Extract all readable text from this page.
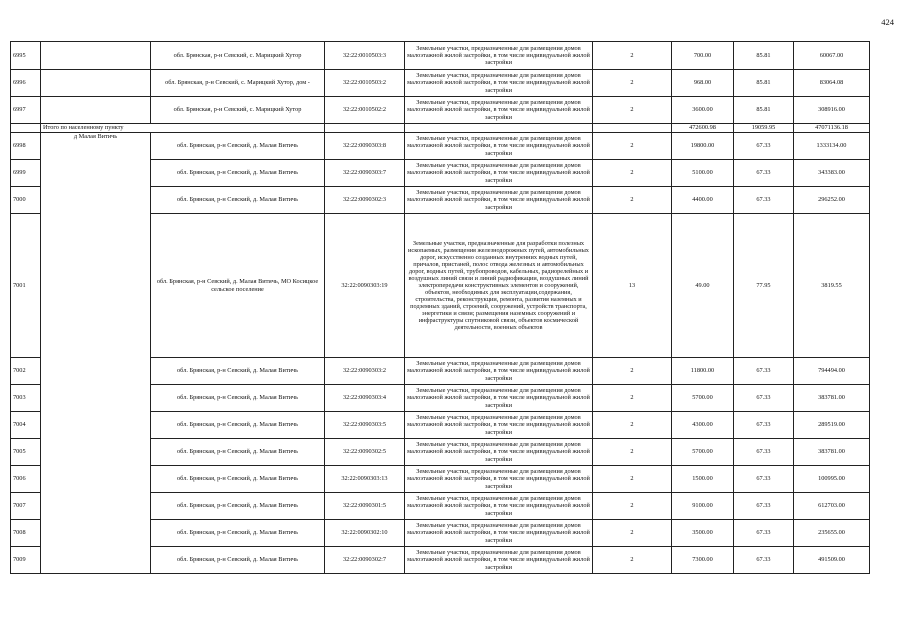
424
6995		обл. Брянская, р-н Севский, с. Марицкий Хутор	32:22:0010503:3	Земельные участки, предназначенные для размещения домов малоэтажной жилой застройки, в том числе индивидуальной жилой застройки	2	700.00	85.81	60067.00
6996		обл. Брянская, р-н Севский, с. Марицкий Хутор, дом -	32:22:0010503:2	Земельные участки, предназначенные для размещения домов малоэтажной жилой застройки, в том числе индивидуальной жилой застройки	2	968.00	85.81	83064.08
6997		обл. Брянская, р-н Севский, с. Марицкий Хутор	32:22:0010502:2	Земельные участки, предназначенные для размещения домов малоэтажной жилой застройки, в том числе индивидуальной жилой застройки	2	3600.00	85.81	308916.00
	Итого по населенному пункту					472600.98	19059.95	47071136.18
6998	д Малая Витичь	обл. Брянская, р-н Севский, д. Малая Витичь	32:22:0090303:8	Земельные участки, предназначенные для размещения домов малоэтажной жилой застройки, в том числе индивидуальной жилой застройки	2	19800.00	67.33	1333134.00
6999		обл. Брянская, р-н Севский, д. Малая Витичь	32:22:0090303:7	Земельные участки, предназначенные для размещения домов малоэтажной жилой застройки, в том числе индивидуальной жилой застройки	2	5100.00	67.33	343383.00
7000		обл. Брянская, р-н Севский, д. Малая Витичь	32:22:0090302:3	Земельные участки, предназначенные для размещения домов малоэтажной жилой застройки, в том числе индивидуальной жилой застройки	2	4400.00	67.33	296252.00
7001		обл. Брянская, р-н Севский, д. Малая Витичь, МО Косицкое сельское поселение	32:22:0090303:19	Земельные участки, предназначенные для разработки полезных ископаемых, размещения железнодорожных путей, автомобильных дорог, искусственно созданных внутренних водных путей, причалов, пристаней, полос отвода железных и автомобильных дорог, водных путей, трубопроводов, кабельных, радиорелейных и воздушных линий связи и линий радиофикации, воздушных линий электропередачи конструктивных элементов и сооружений, объектов, необходимых для эксплуатации,содержания, строительства, реконструкции, ремонта, развития наземных и подземных зданий, строений, сооружений, устройств транспорта, энергетики и связи; размещения наземных сооружений и инфраструктуры спутниковой связи, объектов космической деятельности, военных объектов	13	49.00	77.95	3819.55
7002		обл. Брянская, р-н Севский, д. Малая Витичь	32:22:0090303:2	Земельные участки, предназначенные для размещения домов малоэтажной жилой застройки, в том числе индивидуальной жилой застройки	2	11800.00	67.33	794494.00
7003		обл. Брянская, р-н Севский, д. Малая Витичь	32:22:0090303:4	Земельные участки, предназначенные для размещения домов малоэтажной жилой застройки, в том числе индивидуальной жилой застройки	2	5700.00	67.33	383781.00
7004		обл. Брянская, р-н Севский, д. Малая Витичь	32:22:0090303:5	Земельные участки, предназначенные для размещения домов малоэтажной жилой застройки, в том числе индивидуальной жилой застройки	2	4300.00	67.33	289519.00
7005		обл. Брянская, р-н Севский, д. Малая Витичь	32:22:0090302:5	Земельные участки, предназначенные для размещения домов малоэтажной жилой застройки, в том числе индивидуальной жилой застройки	2	5700.00	67.33	383781.00
7006		обл. Брянская, р-н Севский, д. Малая Витичь	32:22:0090303:13	Земельные участки, предназначенные для размещения домов малоэтажной жилой застройки, в том числе индивидуальной жилой застройки	2	1500.00	67.33	100995.00
7007		обл. Брянская, р-н Севский, д. Малая Витичь	32:22:0090301:5	Земельные участки, предназначенные для размещения домов малоэтажной жилой застройки, в том числе индивидуальной жилой застройки	2	9100.00	67.33	612703.00
7008		обл. Брянская, р-н Севский, д. Малая Витичь	32:22:0090302:10	Земельные участки, предназначенные для размещения домов малоэтажной жилой застройки, в том числе индивидуальной жилой застройки	2	3500.00	67.33	235655.00
7009		обл. Брянская, р-н Севский, д. Малая Витичь	32:22:0090302:7	Земельные участки, предназначенные для размещения домов малоэтажной жилой застройки, в том числе индивидуальной жилой застройки	2	7300.00	67.33	491509.00
